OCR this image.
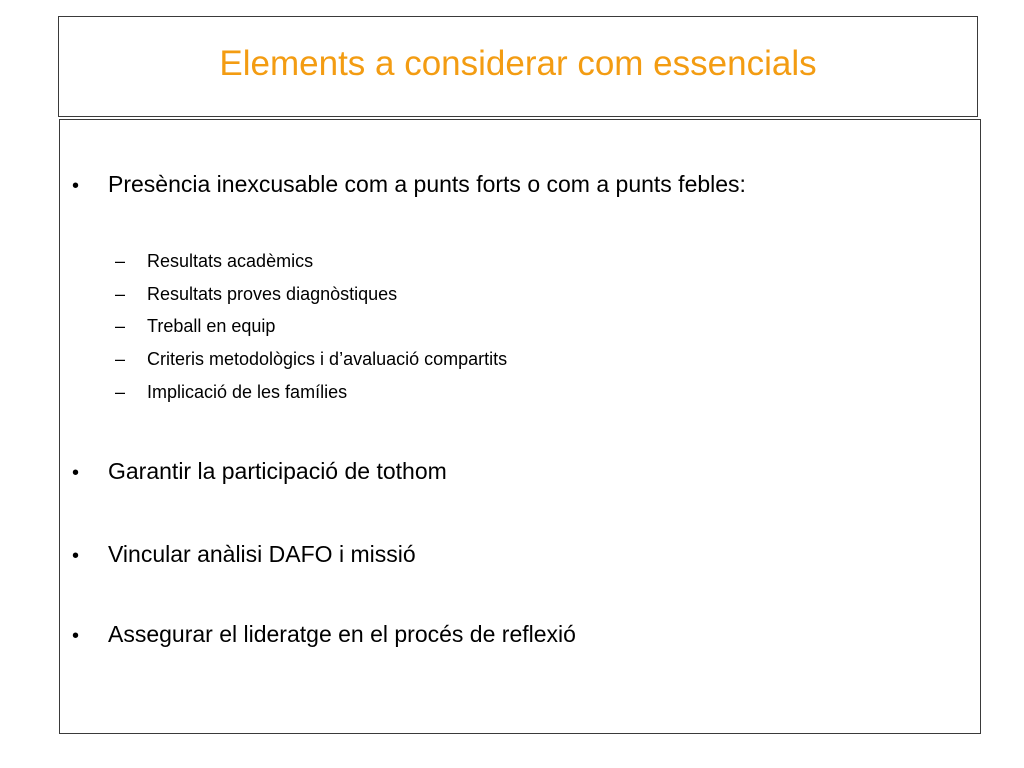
Elements a considerar com essencials
•	Presència inexcusable com a punts forts o com a punts febles:
–	Resultats acadèmics
–	Resultats proves diagnòstiques
–	Treball en equip
–	Criteris metodològics i d’avaluació compartits
–	Implicació de les famílies
•	Garantir la participació de tothom
•	Vincular anàlisi DAFO i missió
•	Assegurar el lideratge en el procés de reflexió
